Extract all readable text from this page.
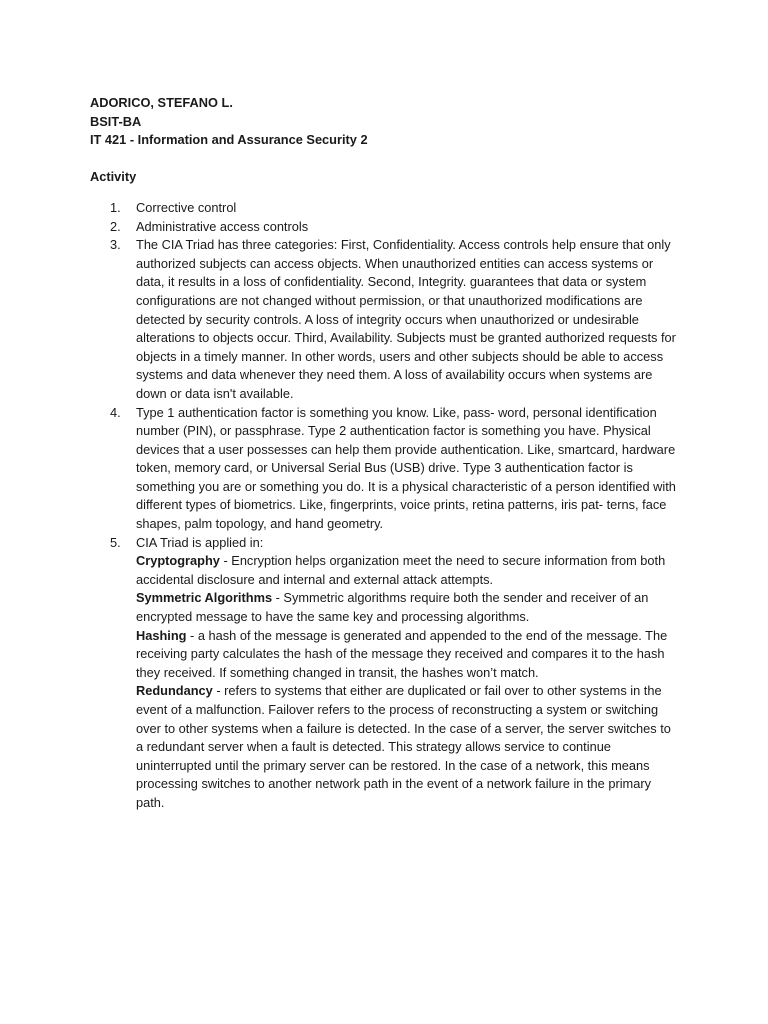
ADORICO, STEFANO L.

BSIT-BA

IT 421 - Information and Assurance Security 2

Activity

1. Corrective control

2. Administrative access controls

3. The CIA Triad has three categories: First, Confidentiality. Access controls help ensure that only authorized subjects can access objects. When unauthorized entities can access systems or data, it results in a loss of confidentiality. Second, Integrity. guarantees that data or system configurations are not changed without permission, or that unauthorized modifications are detected by security controls. A loss of integrity occurs when unauthorized or undesirable alterations to objects occur. Third, Availability. Subjects must be granted authorized requests for objects in a timely manner. In other words, users and other subjects should be able to access systems and data whenever they need them. A loss of availability occurs when systems are down or data isn't available.

4. Type 1 authentication factor is something you know. Like, pass- word, personal identification number (PIN), or passphrase. Type 2 authentication factor is something you have. Physical devices that a user possesses can help them provide authentication. Like, smartcard, hardware token, memory card, or Universal Serial Bus (USB) drive. Type 3 authentication factor is something you are or something you do. It is a physical characteristic of a person identified with different types of biometrics. Like, fingerprints, voice prints, retina patterns, iris pat- terns, face shapes, palm topology, and hand geometry.

5. CIA Triad is applied in:

Cryptography - Encryption helps organization meet the need to secure information from both accidental disclosure and internal and external attack attempts.

Symmetric Algorithms - Symmetric algorithms require both the sender and receiver of an encrypted message to have the same key and processing algorithms.

Hashing - a hash of the message is generated and appended to the end of the message. The receiving party calculates the hash of the message they received and compares it to the hash they received. If something changed in transit, the hashes won’t match.

Redundancy - refers to systems that either are duplicated or fail over to other systems in the event of a malfunction. Failover refers to the process of reconstructing a system or switching over to other systems when a failure is detected. In the case of a server, the server switches to a redundant server when a fault is detected. This strategy allows service to continue uninterrupted until the primary server can be restored. In the case of a network, this means processing switches to another network path in the event of a network failure in the primary path.
